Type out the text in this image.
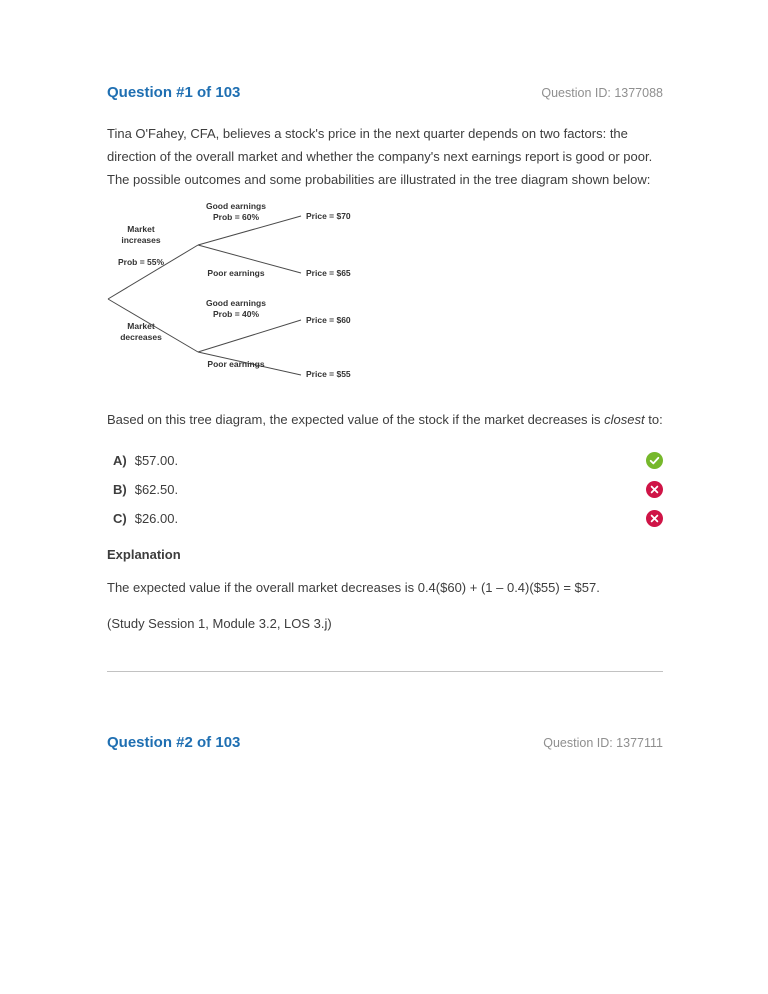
Question #1 of 103	Question ID: 1377088

Tina O'Fahey, CFA, believes a stock's price in the next quarter depends on two factors: the direction of the overall market and whether the company's next earnings report is good or poor. The possible outcomes and some probabilities are illustrated in the tree diagram shown below:

Good earnings
Prob = 60%	Price = $70
Market
increases
Prob = 55%
Poor earnings	Price = $65
Good earnings
Prob = 40%
Price = $60
Market
decreases
Poor earnings
Price = $55

Based on this tree diagram, the expected value of the stock if the market decreases is closest to:

A) $57.00.
B) $62.50.
C) $26.00.
Explanation

The expected value if the overall market decreases is 0.4($60) + (1 – 0.4)($55) = $57.

(Study Session 1, Module 3.2, LOS 3.j)

Question #2 of 103	Question ID: 1377111
